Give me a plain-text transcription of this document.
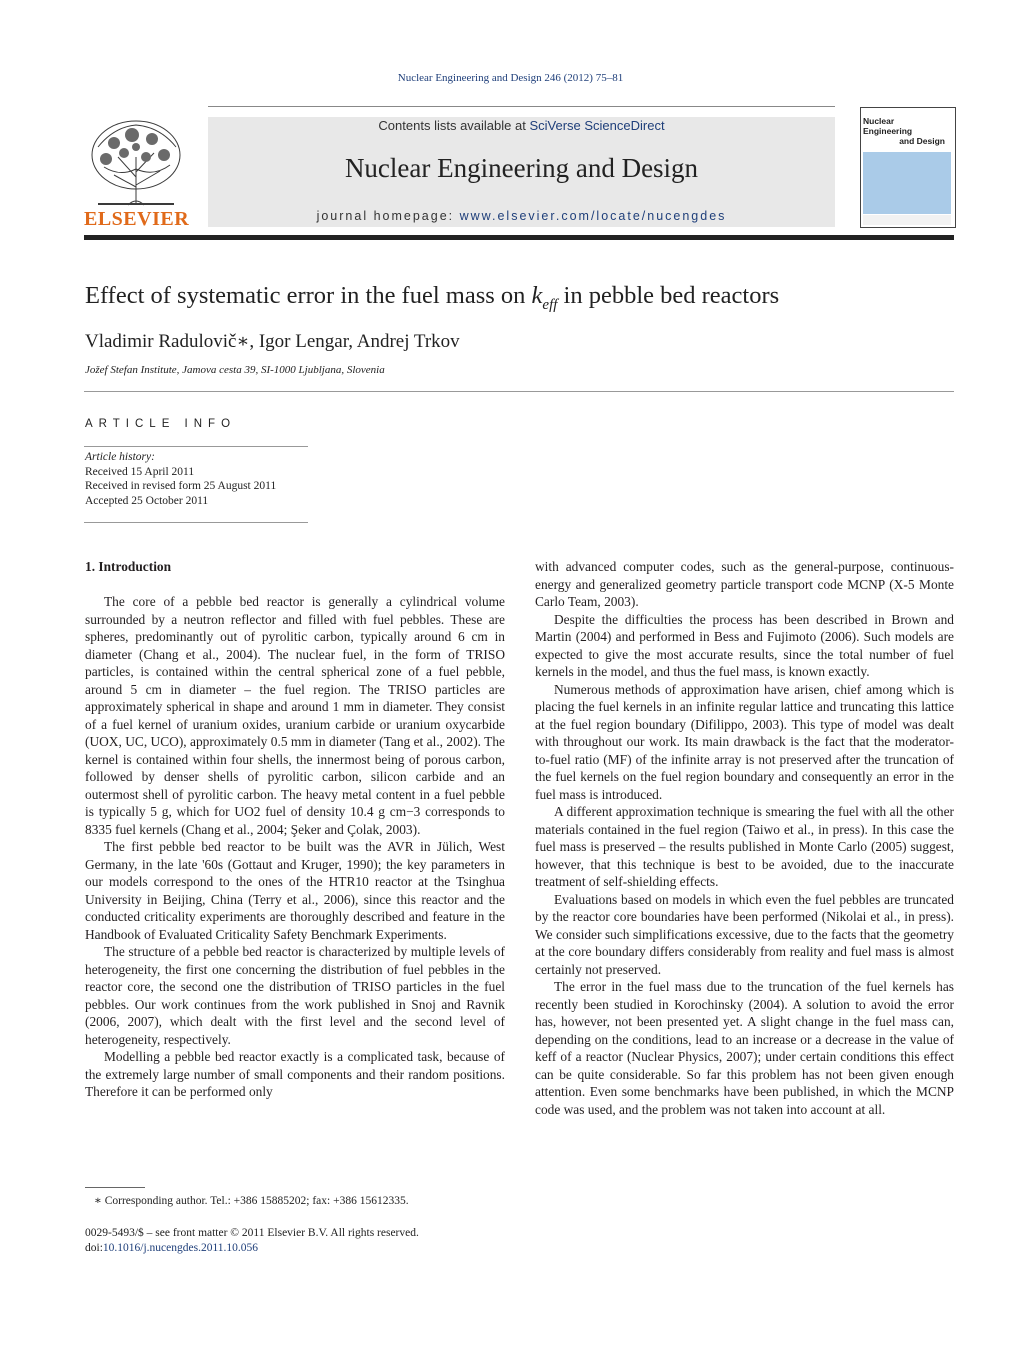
Nuclear Engineering and Design 246 (2012) 75–81
ELSEVIER
Contents lists available at SciVerse ScienceDirect
Nuclear Engineering and Design
journal homepage: www.elsevier.com/locate/nucengdes
Nuclear Engineering
and Design
Effect of systematic error in the fuel mass on $k_{eff}$ in pebble bed reactors
Vladimir Radulovič∗, Igor Lengar, Andrej Trkov
Jožef Stefan Institute, Jamova cesta 39, SI-1000 Ljubljana, Slovenia
ARTICLE INFO
Article history:
Received 15 April 2011
Received in revised form 25 August 2011
Accepted 25 October 2011
1. Introduction

The core of a pebble bed reactor is generally a cylindrical volume surrounded by a neutron reflector and filled with fuel pebbles. These are spheres, predominantly out of pyrolitic carbon, typically around 6 cm in diameter (Chang et al., 2004). The nuclear fuel, in the form of TRISO particles, is contained within the central spherical zone of a fuel pebble, around 5 cm in diameter – the fuel region. The TRISO particles are approximately spherical in shape and around 1 mm in diameter. They consist of a fuel kernel of uranium oxides, uranium carbide or uranium oxycarbide (UOX, UC, UCO), approximately 0.5 mm in diameter (Tang et al., 2002). The kernel is contained within four shells, the innermost being of porous carbon, followed by denser shells of pyrolitic carbon, silicon carbide and an outermost shell of pyrolitic carbon. The heavy metal content in a fuel pebble is typically 5 g, which for UO2 fuel of density 10.4 g cm−3 corresponds to 8335 fuel kernels (Chang et al., 2004; Şeker and Çolak, 2003).

The first pebble bed reactor to be built was the AVR in Jülich, West Germany, in the late '60s (Gottaut and Kruger, 1990); the key parameters in our models correspond to the ones of the HTR10 reactor at the Tsinghua University in Beijing, China (Terry et al., 2006), since this reactor and the conducted criticality experiments are thoroughly described and feature in the Handbook of Evaluated Criticality Safety Benchmark Experiments.

The structure of a pebble bed reactor is characterized by multiple levels of heterogeneity, the first one concerning the distribution of fuel pebbles in the reactor core, the second one the distribution of TRISO particles in the fuel pebbles. Our work continues from the work published in Snoj and Ravnik (2006, 2007), which dealt with the first level and the second level of heterogeneity, respectively.

Modelling a pebble bed reactor exactly is a complicated task, because of the extremely large number of small components and their random positions. Therefore it can be performed only

with advanced computer codes, such as the general-purpose, continuous-energy and generalized geometry particle transport code MCNP (X-5 Monte Carlo Team, 2003).

Despite the difficulties the process has been described in Brown and Martin (2004) and performed in Bess and Fujimoto (2006). Such models are expected to give the most accurate results, since the total number of fuel kernels in the model, and thus the fuel mass, is known exactly.

Numerous methods of approximation have arisen, chief among which is placing the fuel kernels in an infinite regular lattice and truncating this lattice at the fuel region boundary (Difilippo, 2003). This type of model was dealt with throughout our work. Its main drawback is the fact that the moderator-to-fuel ratio (MF) of the infinite array is not preserved after the truncation of the fuel kernels on the fuel region boundary and consequently an error in the fuel mass is introduced.

A different approximation technique is smearing the fuel with all the other materials contained in the fuel region (Taiwo et al., in press). In this case the fuel mass is preserved – the results published in Monte Carlo (2005) suggest, however, that this technique is best to be avoided, due to the inaccurate treatment of self-shielding effects.

Evaluations based on models in which even the fuel pebbles are truncated by the reactor core boundaries have been performed (Nikolai et al., in press). We consider such simplifications excessive, due to the facts that the geometry at the core boundary differs considerably from reality and fuel mass is almost certainly not preserved.

The error in the fuel mass due to the truncation of the fuel kernels has recently been studied in Korochinsky (2004). A solution to avoid the error has, however, not been presented yet. A slight change in the fuel mass can, depending on the conditions, lead to an increase or a decrease in the value of keff of a reactor (Nuclear Physics, 2007); under certain conditions this effect can be quite considerable. So far this problem has not been given enough attention. Even some benchmarks have been published, in which the MCNP code was used, and the problem was not taken into account at all.

∗ Corresponding author. Tel.: +386 15885202; fax: +386 15612335.
0029-5493/$ – see front matter © 2011 Elsevier B.V. All rights reserved.
doi:10.1016/j.nucengdes.2011.10.056
